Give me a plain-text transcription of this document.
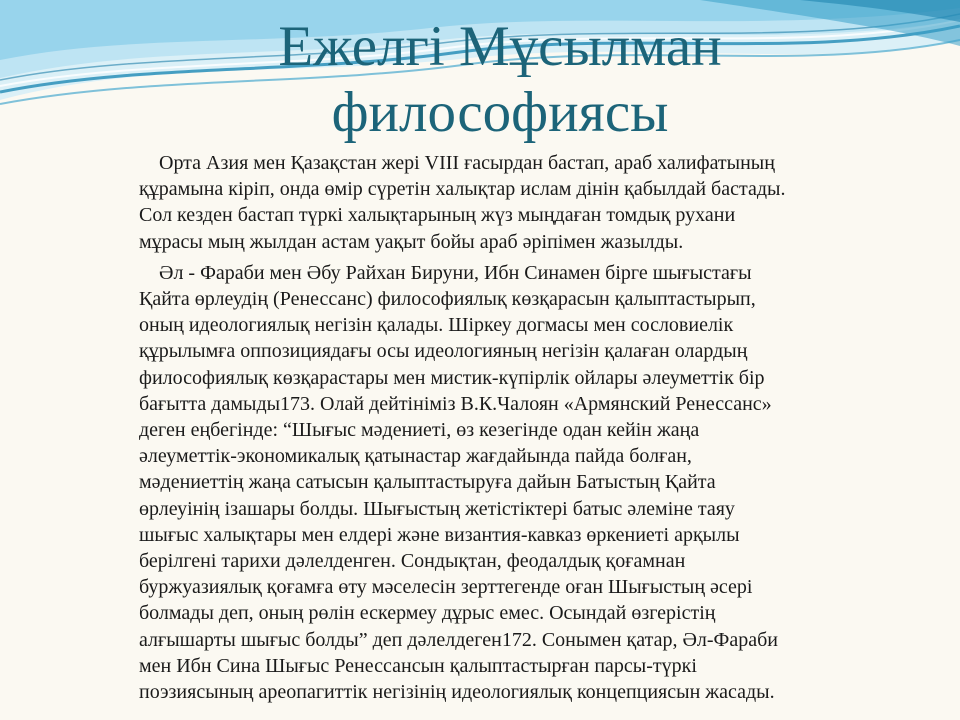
Ежелгі Мұсылман
философиясы
Орта Азия мен Қазақстан жері VIII ғасырдан бастап, араб халифатының
құрамына кіріп, онда өмір сүретін халықтар ислам дінін қабылдай бастады.
Сол кезден бастап түркі халықтарының жүз мыңдаған томдық рухани
мұрасы мың жылдан астам уақыт бойы араб әріпімен жазылды.
Әл - Фараби мен Әбу Райхан Бируни, Ибн Синамен бірге шығыстағы
Қайта өрлеудің (Ренессанс) философиялық көзқарасын қалыптастырып,
оның идеологиялық негізін қалады. Шіркеу догмасы мен сословиелік
құрылымға оппозициядағы осы идеологияның негізін қалаған олардың
философиялық көзқарастары мен мистик-күпірлік ойлары әлеуметтік бір
бағытта дамыды173. Олай дейтініміз В.К.Чалоян «Армянский Ренессанс»
деген еңбегінде: “Шығыс мәдениеті, өз кезегінде одан кейін жаңа
әлеуметтік-экономикалық қатынастар жағдайында пайда болған,
мәдениеттің жаңа сатысын қалыптастыруға дайын Батыстың Қайта
өрлеуінің ізашары болды. Шығыстың жетістіктері батыс әлеміне таяу
шығыс халықтары мен елдері және византия-кавказ өркениеті арқылы
берілгені тарихи дәлелденген. Сондықтан, феодалдық қоғамнан
буржуазиялық қоғамға өту мәселесін зерттегенде оған Шығыстың әсері
болмады деп, оның рөлін ескермеу дұрыс емес. Осындай өзгерістің
алғышарты шығыс болды” деп дәлелдеген172. Сонымен қатар, Әл-Фараби
мен Ибн Сина Шығыс Ренессансын қалыптастырған парсы-түркі
поэзиясының ареопагиттік негізінің идеологиялық концепциясын жасады.
